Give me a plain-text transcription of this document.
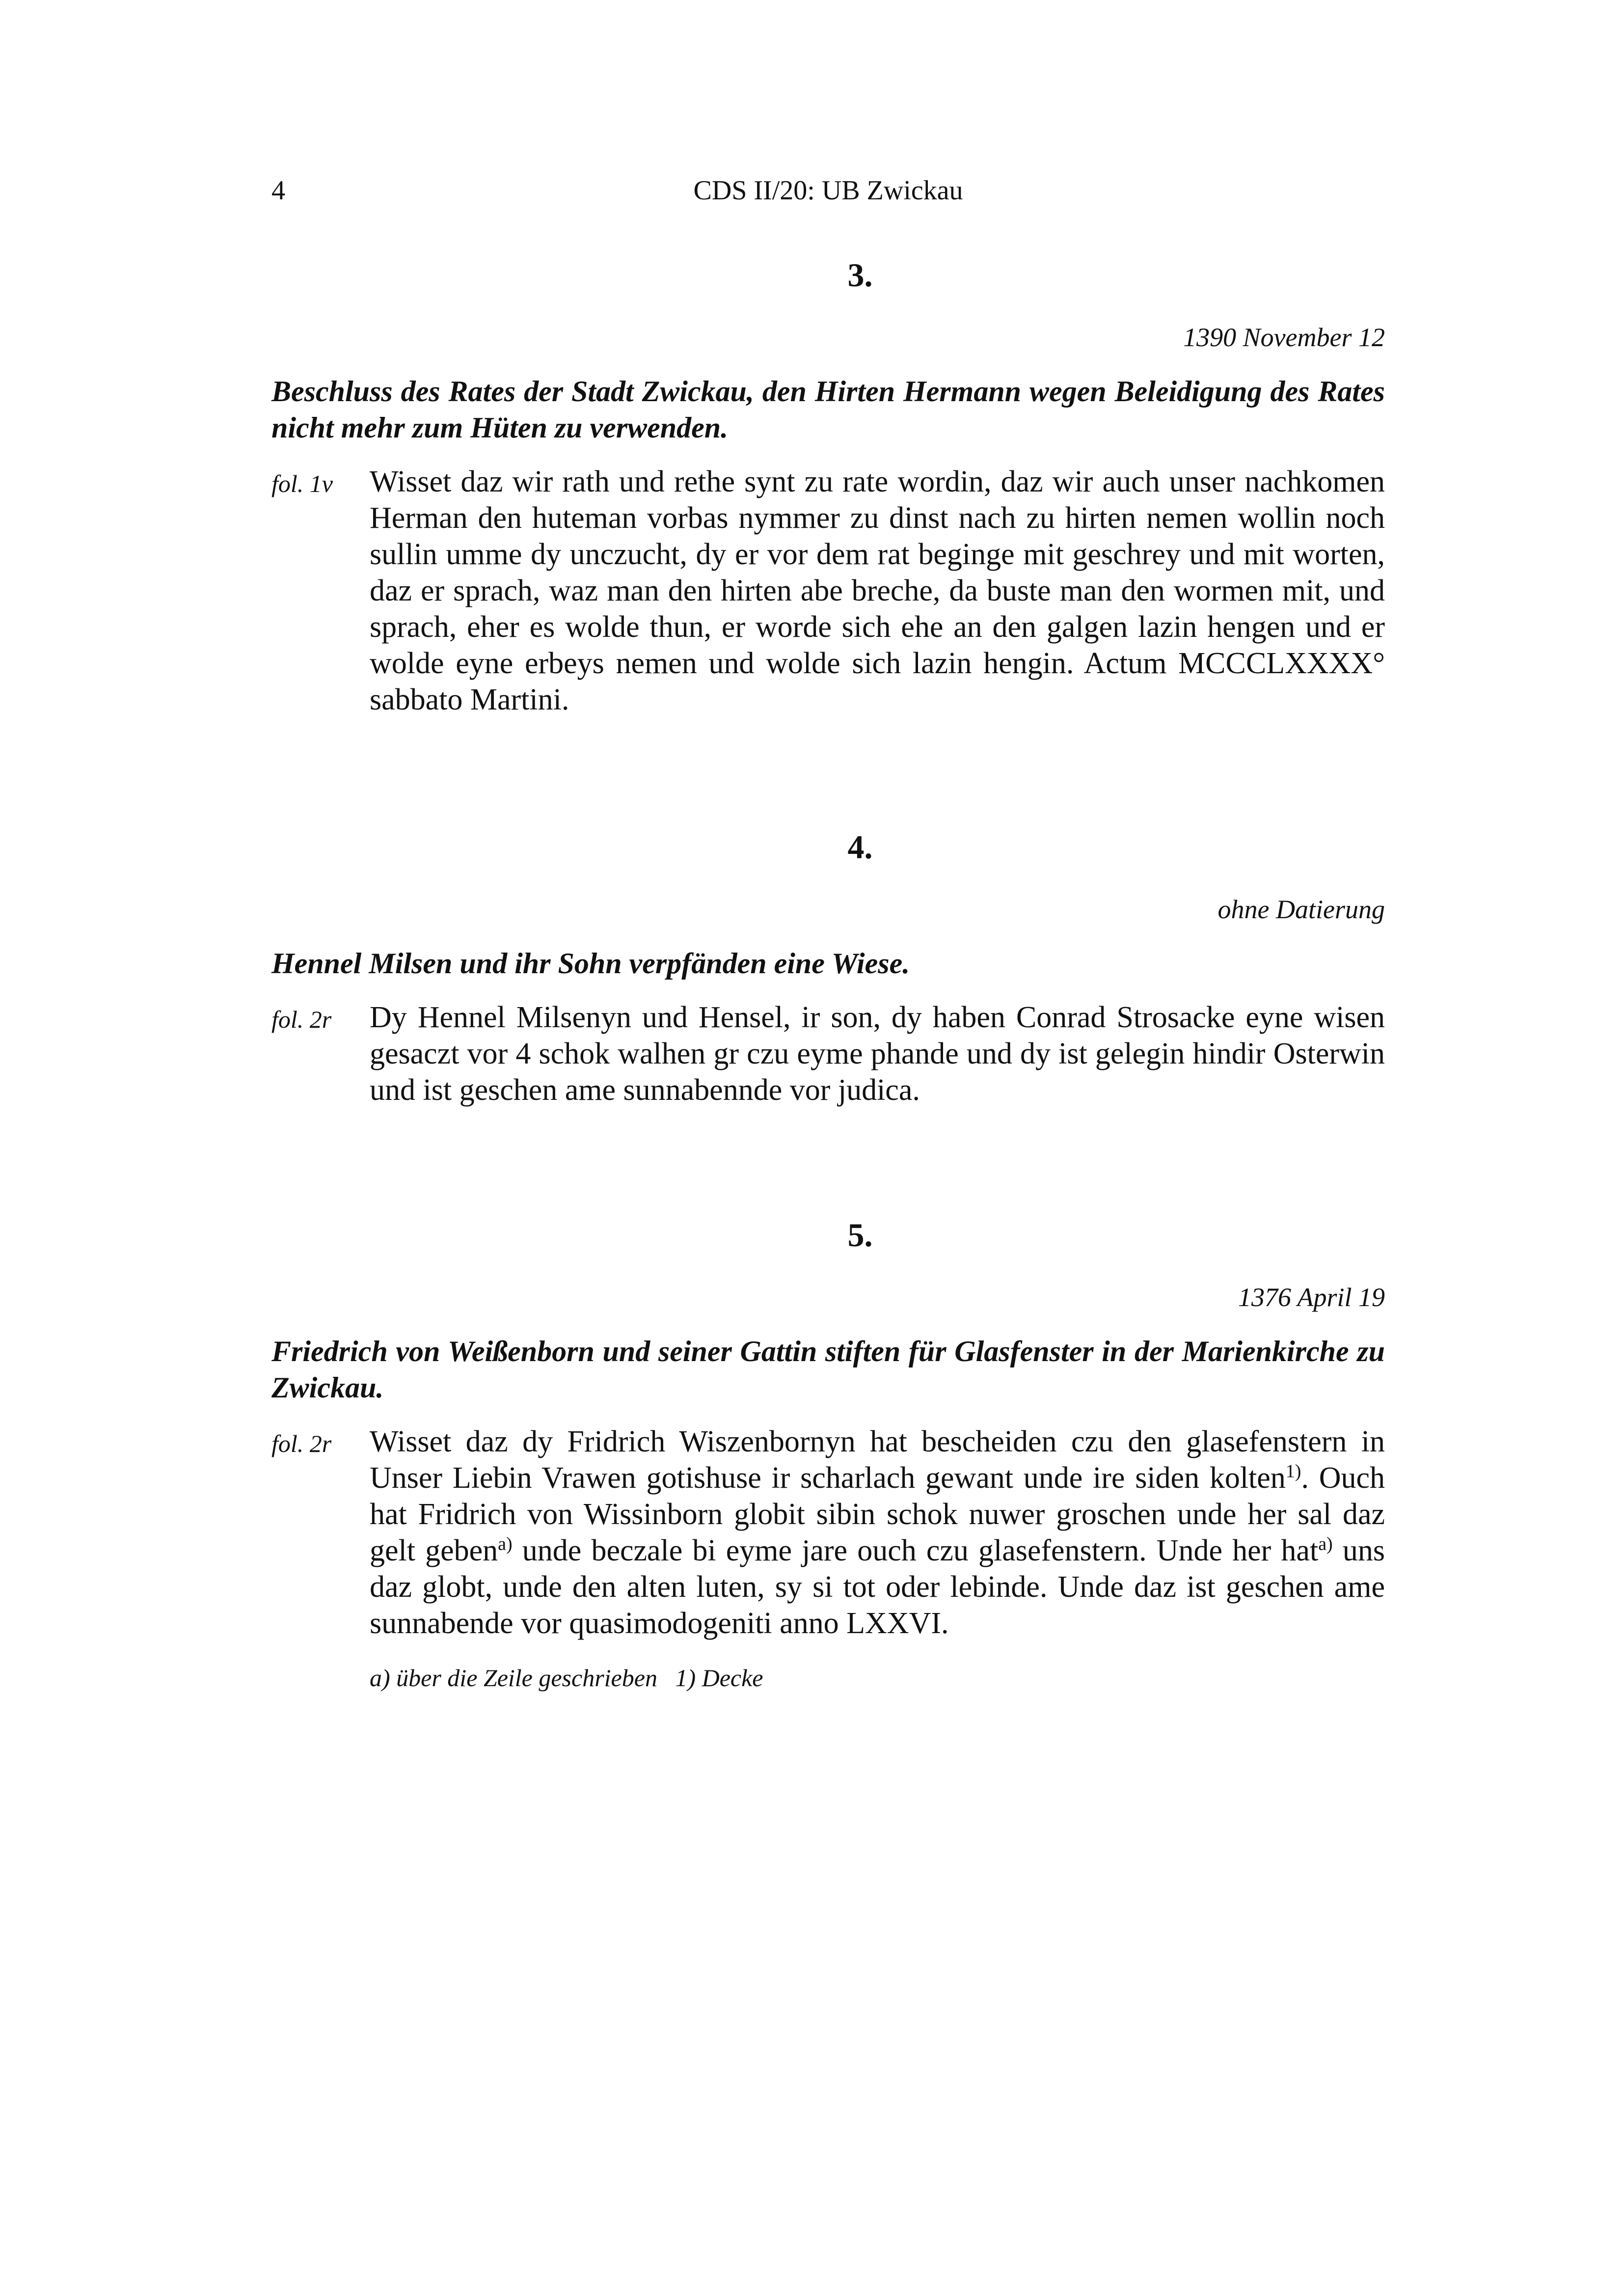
4	CDS II/20: UB Zwickau
3.
1390 November 12
Beschluss des Rates der Stadt Zwickau, den Hirten Hermann wegen Beleidigung des Rates nicht mehr zum Hüten zu verwenden.
fol. 1v Wisset daz wir rath und rethe synt zu rate wordin, daz wir auch unser nachkomen Herman den huteman vorbas nymmer zu dinst nach zu hirten nemen wollin noch sullin umme dy unczucht, dy er vor dem rat beginge mit geschrey und mit worten, daz er sprach, waz man den hirten abe breche, da buste man den wormen mit, und sprach, eher es wolde thun, er worde sich ehe an den galgen lazin hengen und er wolde eyne erbeys nemen und wolde sich lazin hengin. Actum MCCCLXXXX° sabbato Martini.

4.
ohne Datierung
Hennel Milsen und ihr Sohn verpfänden eine Wiese.
fol. 2r Dy Hennel Milsenyn und Hensel, ir son, dy haben Conrad Strosacke eyne wisen gesaczt vor 4 schok walhen gr czu eyme phande und dy ist gelegin hindir Osterwin und ist geschen ame sunnabennde vor judica.

5.
1376 April 19
Friedrich von Weißenborn und seiner Gattin stiften für Glasfenster in der Marienkirche zu Zwickau.
fol. 2r Wisset daz dy Fridrich Wiszenbornyn hat bescheiden czu den glasefenstern in Unser Liebin Vrawen gotishuse ir scharlach gewant unde ire siden kolten$^{1)}$. Ouch hat Fridrich von Wissinborn globit sibin schok nuwer groschen unde her sal daz gelt geben$^{a)}$ unde beczale bi eyme jare ouch czu glasefenstern. Unde her hat$^{a)}$ uns daz globt, unde den alten luten, sy si tot oder lebinde. Unde daz ist geschen ame sunnabende vor quasimodogeniti anno LXXVI.

a) über die Zeile geschrieben 1) Decke
